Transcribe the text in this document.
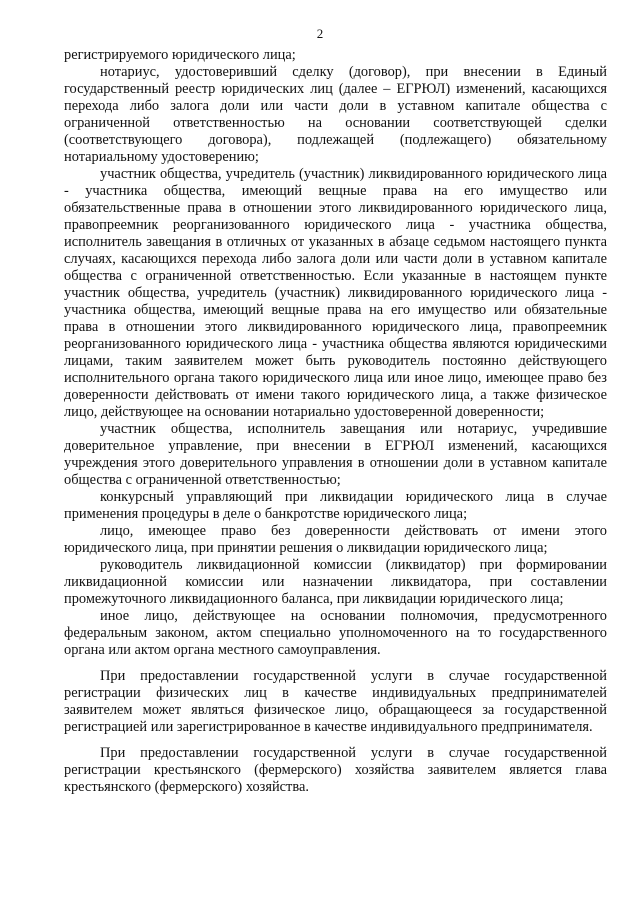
2

регистрируемого юридического лица;

нотариус, удостоверивший сделку (договор), при внесении в Единый государственный реестр юридических лиц (далее – ЕГРЮЛ) изменений, касающихся перехода либо залога доли или части доли в уставном капитале общества с ограниченной ответственностью на основании соответствующей сделки (соответствующего договора), подлежащей (подлежащего) обязательному нотариальному удостоверению;

участник общества, учредитель (участник) ликвидированного юридического лица - участника общества, имеющий вещные права на его имущество или обязательственные права в отношении этого ликвидированного юридического лица, правопреемник реорганизованного юридического лица - участника общества, исполнитель завещания в отличных от указанных в абзаце седьмом настоящего пункта случаях, касающихся перехода либо залога доли или части доли в уставном капитале общества с ограниченной ответственностью. Если указанные в настоящем пункте участник общества, учредитель (участник) ликвидированного юридического лица - участника общества, имеющий вещные права на его имущество или обязательные права в отношении этого ликвидированного юридического лица, правопреемник реорганизованного юридического лица - участника общества являются юридическими лицами, таким заявителем может быть руководитель постоянно действующего исполнительного органа такого юридического лица или иное лицо, имеющее право без доверенности действовать от имени такого юридического лица, а также физическое лицо, действующее на основании нотариально удостоверенной доверенности;

участник общества, исполнитель завещания или нотариус, учредившие доверительное управление, при внесении в ЕГРЮЛ изменений, касающихся учреждения этого доверительного управления в отношении доли в уставном капитале общества с ограниченной ответственностью;

конкурсный управляющий при ликвидации юридического лица в случае применения процедуры в деле о банкротстве юридического лица;

лицо, имеющее право без доверенности действовать от имени этого юридического лица, при принятии решения о ликвидации юридического лица;

руководитель ликвидационной комиссии (ликвидатор) при формировании ликвидационной комиссии или назначении ликвидатора, при составлении промежуточного ликвидационного баланса, при ликвидации юридического лица;

иное лицо, действующее на основании полномочия, предусмотренного федеральным законом, актом специально уполномоченного на то государственного органа или актом органа местного самоуправления.

При предоставлении государственной услуги в случае государственной регистрации физических лиц в качестве индивидуальных предпринимателей заявителем может являться физическое лицо, обращающееся за государственной регистрацией или зарегистрированное в качестве индивидуального предпринимателя.

При предоставлении государственной услуги в случае государственной регистрации крестьянского (фермерского) хозяйства заявителем является глава крестьянского (фермерского) хозяйства.
